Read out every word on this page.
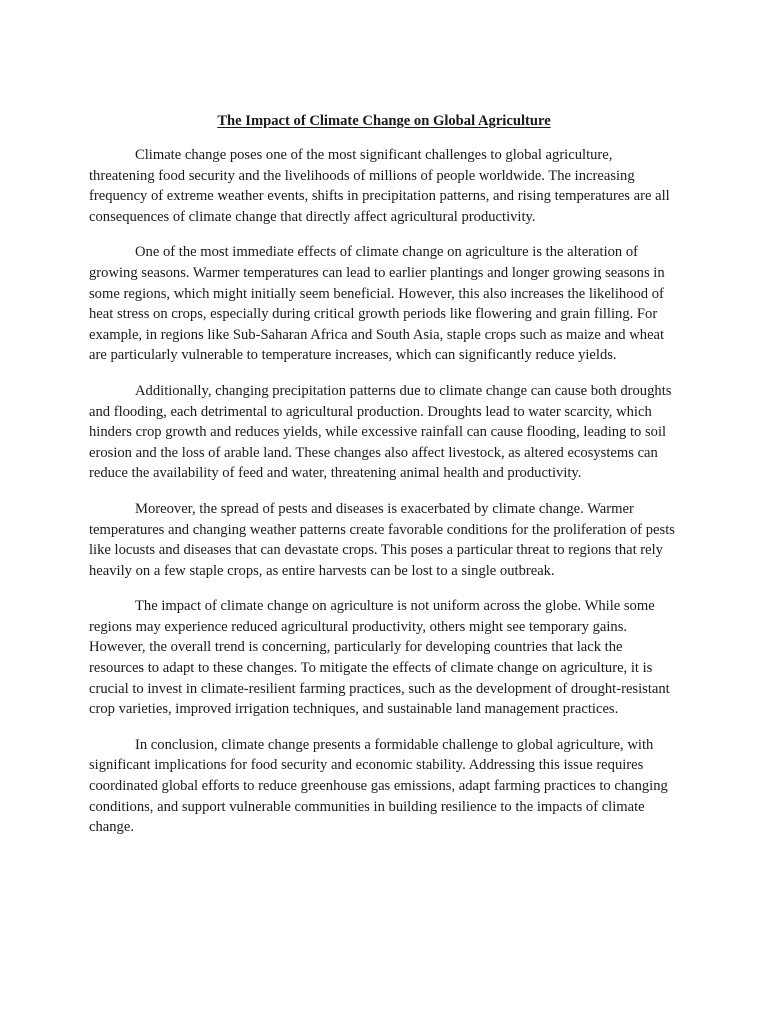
The Impact of Climate Change on Global Agriculture

Climate change poses one of the most significant challenges to global agriculture, threatening food security and the livelihoods of millions of people worldwide. The increasing frequency of extreme weather events, shifts in precipitation patterns, and rising temperatures are all consequences of climate change that directly affect agricultural productivity.

One of the most immediate effects of climate change on agriculture is the alteration of growing seasons. Warmer temperatures can lead to earlier plantings and longer growing seasons in some regions, which might initially seem beneficial. However, this also increases the likelihood of heat stress on crops, especially during critical growth periods like flowering and grain filling. For example, in regions like Sub-Saharan Africa and South Asia, staple crops such as maize and wheat are particularly vulnerable to temperature increases, which can significantly reduce yields.

Additionally, changing precipitation patterns due to climate change can cause both droughts and flooding, each detrimental to agricultural production. Droughts lead to water scarcity, which hinders crop growth and reduces yields, while excessive rainfall can cause flooding, leading to soil erosion and the loss of arable land. These changes also affect livestock, as altered ecosystems can reduce the availability of feed and water, threatening animal health and productivity.

Moreover, the spread of pests and diseases is exacerbated by climate change. Warmer temperatures and changing weather patterns create favorable conditions for the proliferation of pests like locusts and diseases that can devastate crops. This poses a particular threat to regions that rely heavily on a few staple crops, as entire harvests can be lost to a single outbreak.

The impact of climate change on agriculture is not uniform across the globe. While some regions may experience reduced agricultural productivity, others might see temporary gains. However, the overall trend is concerning, particularly for developing countries that lack the resources to adapt to these changes. To mitigate the effects of climate change on agriculture, it is crucial to invest in climate-resilient farming practices, such as the development of drought-resistant crop varieties, improved irrigation techniques, and sustainable land management practices.

In conclusion, climate change presents a formidable challenge to global agriculture, with significant implications for food security and economic stability. Addressing this issue requires coordinated global efforts to reduce greenhouse gas emissions, adapt farming practices to changing conditions, and support vulnerable communities in building resilience to the impacts of climate change.
